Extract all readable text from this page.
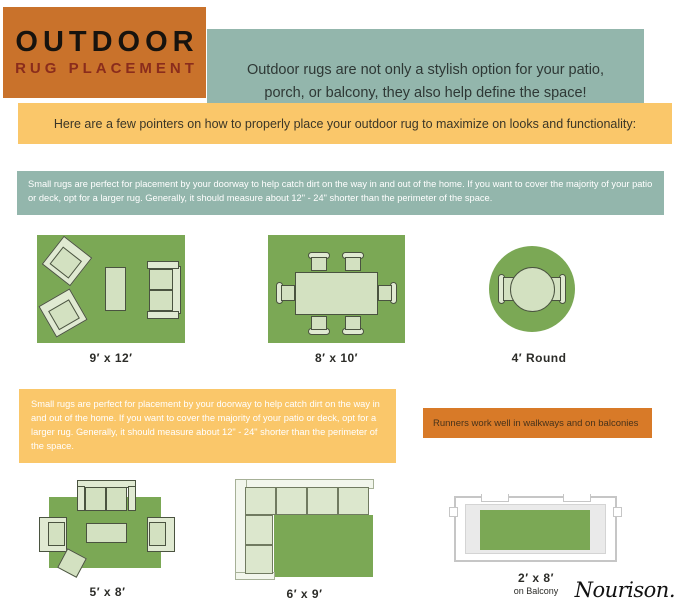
OUTDOOR
RUG PLACEMENT	Outdoor rugs are not only a stylish option for your patio, porch, or balcony, they also help define the space!
Here are a few pointers on how to properly place your outdoor rug to maximize on looks and functionality:
Small rugs are perfect for placement by your doorway to help catch dirt on the way in and out of the home. If you want to cover the majority of your patio or deck, opt for a larger rug. Generally, it should measure about 12" - 24" shorter than the perimeter of the space.
9′ x 12′	8′ x 10′	4′ Round
Small rugs are perfect for placement by your doorway to help catch dirt on the way in and out of the home. If you want to cover the majority of your patio or deck, opt for a larger rug. Generally, it should measure about 12" - 24" shorter than the perimeter of the space.
Runners work well in walkways and on balconies
5′ x 8′	6′ x 9′
2′ x 8′
on Balcony Nourison.
